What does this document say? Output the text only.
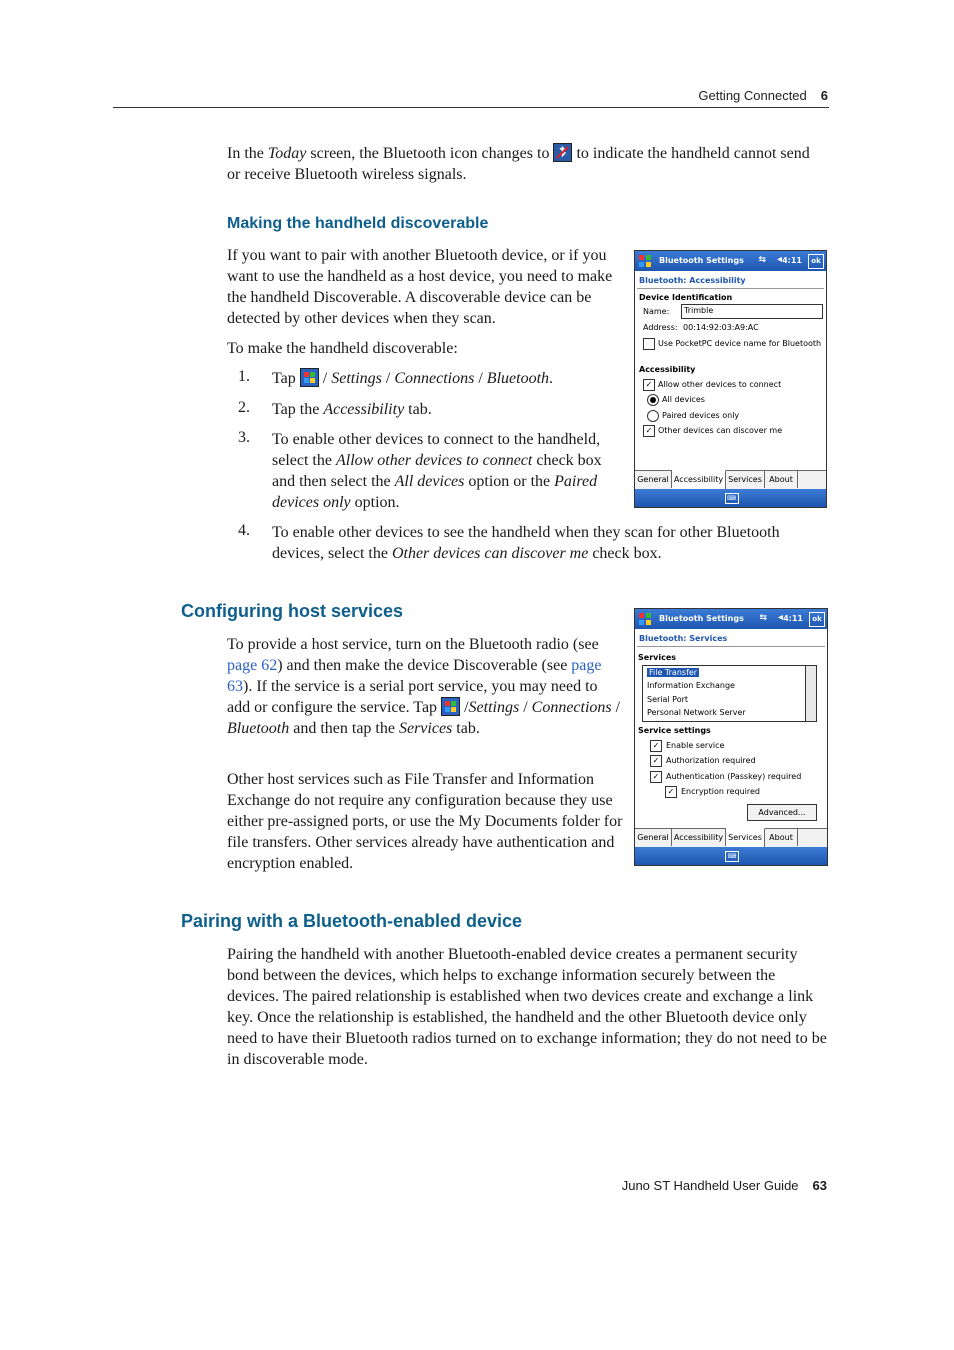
Getting Connected 6
In the Today screen, the Bluetooth icon changes to  to indicate the handheld cannot send or receive Bluetooth wireless signals.
Making the handheld discoverable
If you want to pair with another Bluetooth device, or if you want to use the handheld as a host device, you need to make the handheld Discoverable. A discoverable device can be detected by other devices when they scan.
To make the handheld discoverable:
1. Tap  / Settings / Connections / Bluetooth.
2. Tap the Accessibility tab.
3. To enable other devices to connect to the handheld, select the Allow other devices to connect check box and then select the All devices option or the Paired devices only option.
4. To enable other devices to see the handheld when they scan for other Bluetooth devices, select the Other devices can discover me check box.
Bluetooth Settings ⇆ ◂ 4:11	ok
Bluetooth: Accessibility
Device Identification
Name:	Trimble
Address: 00:14:92:03:A9:AC
Use PocketPC device name for Bluetooth
Accessibility
✓ Allow other devices to connect
All devices
Paired devices only
✓ Other devices can discover me
General Accessibility Services About
⌨
Configuring host services
To provide a host service, turn on the Bluetooth radio (see page 62) and then make the device Discoverable (see page 63). If the service is a serial port service, you may need to add or configure the service. Tap  /Settings / Connections / Bluetooth and then tap the Services tab.
Other host services such as File Transfer and Information Exchange do not require any configuration because they use either pre-assigned ports, or use the My Documents folder for file transfers. Other services already have authentication and encryption enabled.
Bluetooth Settings ⇆ ◂ 4:11	ok
Bluetooth: Services
Services
File Transfer
Information Exchange
Serial Port
Personal Network Server
Service settings
✓ Enable service
✓ Authorization required
✓ Authentication (Passkey) required
✓ Encryption required
Advanced...
General Accessibility Services About
⌨
Pairing with a Bluetooth-enabled device
Pairing the handheld with another Bluetooth-enabled device creates a permanent security bond between the devices, which helps to exchange information securely between the devices. The paired relationship is established when two devices create and exchange a link key. Once the relationship is established, the handheld and the other Bluetooth device only need to have their Bluetooth radios turned on to exchange information; they do not need to be in discoverable mode.
Juno ST Handheld User Guide 63
